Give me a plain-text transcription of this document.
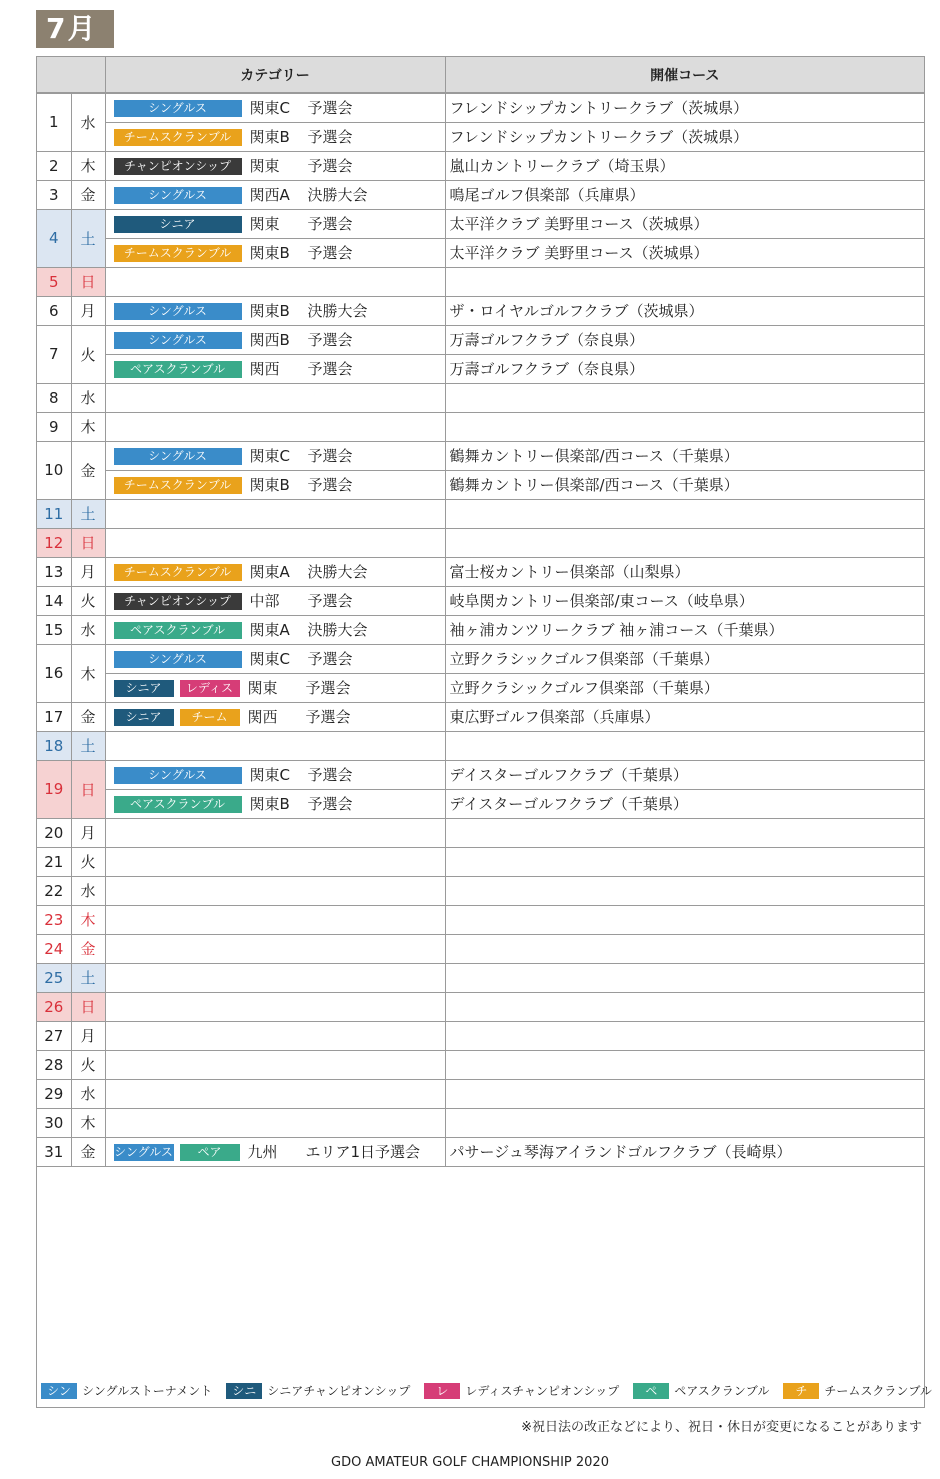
7月
		カテゴリー	開催コース
1	水	シングルス 関東C 予選会	フレンドシップカントリークラブ（茨城県）
		チームスクランブル 関東B 予選会	フレンドシップカントリークラブ（茨城県）
2	木	チャンピオンシップ 関東 予選会	嵐山カントリークラブ（埼玉県）
3	金	シングルス 関西A 決勝大会	鳴尾ゴルフ倶楽部（兵庫県）
4	土	シニア 関東 予選会	太平洋クラブ 美野里コース（茨城県）
		チームスクランブル 関東B 予選会	太平洋クラブ 美野里コース（茨城県）
5	日		
6	月	シングルス 関東B 決勝大会	ザ・ロイヤルゴルフクラブ（茨城県）
7	火	シングルス 関西B 予選会	万壽ゴルフクラブ（奈良県）
		ペアスクランブル 関西 予選会	万壽ゴルフクラブ（奈良県）
8	水		
9	木		
10	金	シングルス 関東C 予選会	鶴舞カントリー倶楽部/西コース（千葉県）
		チームスクランブル 関東B 予選会	鶴舞カントリー倶楽部/西コース（千葉県）
11	土		
12	日		
13	月	チームスクランブル 関東A 決勝大会	富士桜カントリー倶楽部（山梨県）
14	火	チャンピオンシップ 中部 予選会	岐阜関カントリー倶楽部/東コース（岐阜県）
15	水	ペアスクランブル 関東A 決勝大会	袖ヶ浦カンツリークラブ 袖ヶ浦コース（千葉県）
16	木	シングルス 関東C 予選会	立野クラシックゴルフ倶楽部（千葉県）
		シニア レディス 関東 予選会	立野クラシックゴルフ倶楽部（千葉県）
17	金	シニア チーム 関西 予選会	東広野ゴルフ倶楽部（兵庫県）
18	土		
19	日	シングルス 関東C 予選会	デイスターゴルフクラブ（千葉県）
		ペアスクランブル 関東B 予選会	デイスターゴルフクラブ（千葉県）
20	月		
21	火		
22	水		
23	木		
24	金		
25	土		
26	日		
27	月		
28	火		
29	水		
30	木		
31	金	シングルス ペア 九州 エリア1日予選会	パサージュ琴海アイランドゴルフクラブ（長崎県）
シン シングルストーナメント シニ シニアチャンピオンシップ レ レディスチャンピオンシップ ペ ペアスクランブル チ チームスクランブル
※祝日法の改正などにより、祝日・休日が変更になることがあります
GDO AMATEUR GOLF CHAMPIONSHIP 2020
